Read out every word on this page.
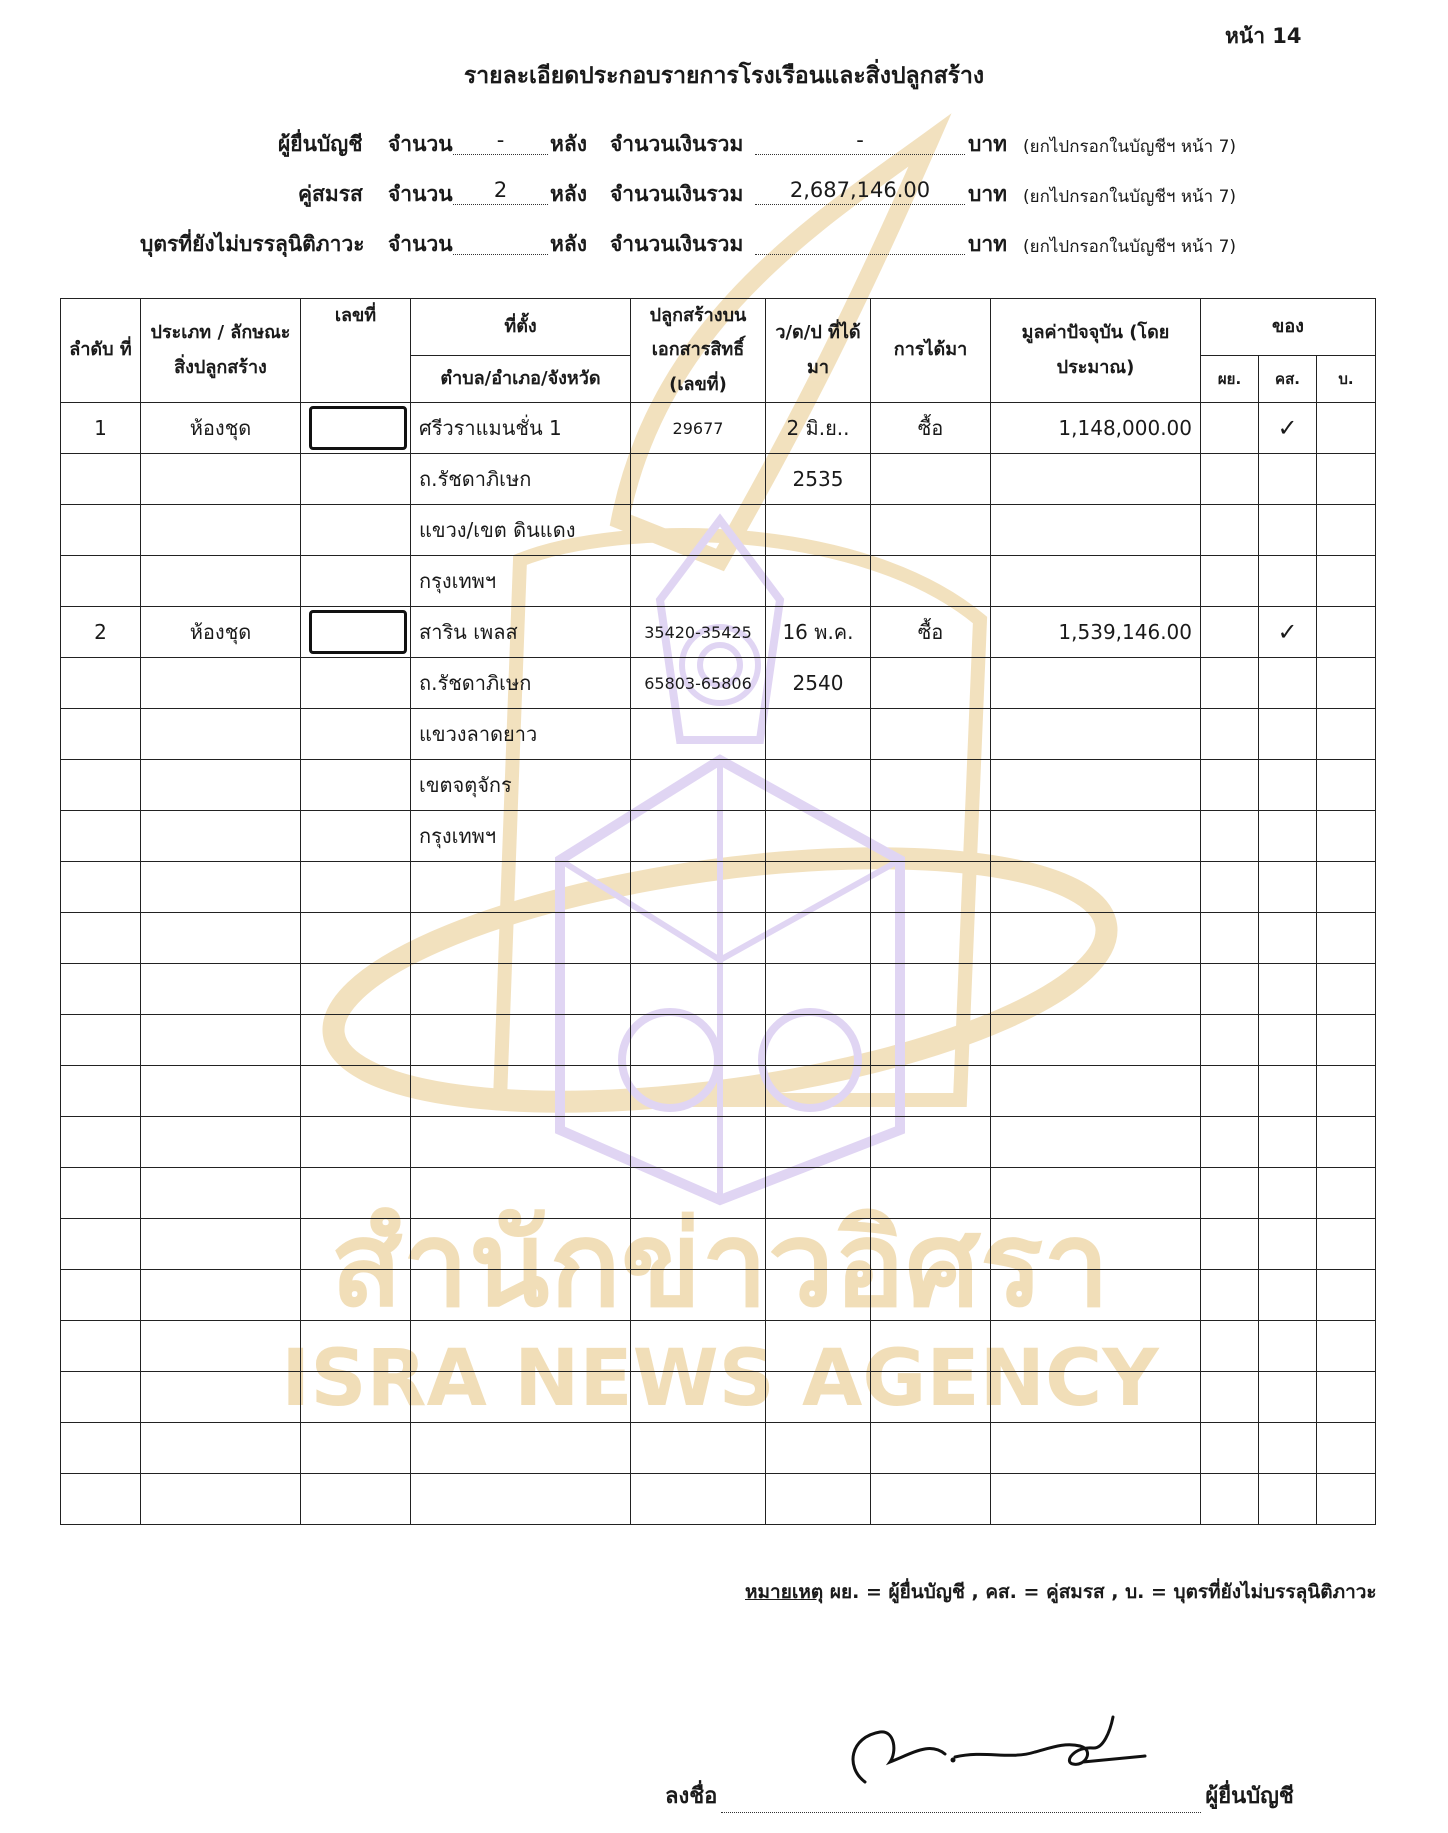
สำนักข่าวอิศรา
ISRA NEWS AGENCY
หน้า 14
รายละเอียดประกอบรายการโรงเรือนและสิ่งปลูกสร้าง
ผู้ยื่นบัญชี จำนวน	-	หลัง จำนวนเงินรวม	-	บาท (ยกไปกรอกในบัญชีฯ หน้า 7)
คู่สมรส จำนวน	2	หลัง จำนวนเงินรวม	2,687,146.00	บาท (ยกไปกรอกในบัญชีฯ หน้า 7)
บุตรที่ยังไม่บรรลุนิติภาวะ จำนวน	หลัง จำนวนเงินรวม	บาท (ยกไปกรอกในบัญชีฯ หน้า 7)
ลำดับ ที่	ประเภท / ลักษณะ สิ่งปลูกสร้าง	เลขที่	ที่ตั้ง	ปลูกสร้างบน เอกสารสิทธิ์ (เลขที่)	ว/ด/ป ที่ได้มา	การได้มา	มูลค่าปัจจุบัน (โดยประมาณ)	ของ		
			ตำบล/อำเภอ/จังหวัด					ผย.	คส.	บ.
1	ห้องชุด		ศรีวราแมนชั่น 1	29677	2 มิ.ย..	ซื้อ	1,148,000.00		✓	
			ถ.รัชดาภิเษก		2535					
			แขวง/เขต ดินแดง							
			กรุงเทพฯ							
2	ห้องชุด		สาริน เพลส	35420-35425	16 พ.ค.	ซื้อ	1,539,146.00		✓	
			ถ.รัชดาภิเษก	65803-65806	2540					
			แขวงลาดยาว							
			เขตจตุจักร							
			กรุงเทพฯ							

หมายเหตุ ผย. = ผู้ยื่นบัญชี , คส. = คู่สมรส , บ. = บุตรที่ยังไม่บรรลุนิติภาวะ
ลงชื่อ	ผู้ยื่นบัญชี
